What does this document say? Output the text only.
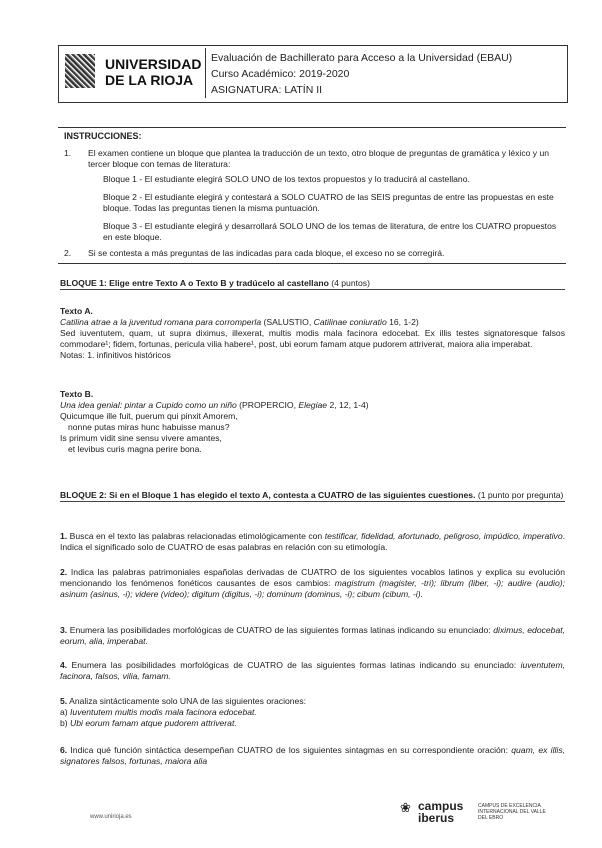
UNIVERSIDAD
DE LA RIOJA
Evaluación de Bachillerato para Acceso a la Universidad (EBAU)
Curso Académico: 2019-2020
ASIGNATURA: LATÍN II
INSTRUCCIONES:
1. El examen contiene un bloque que plantea la traducción de un texto, otro bloque de preguntas de gramática y léxico y un tercer bloque con temas de literatura:
Bloque 1 - El estudiante elegirá SOLO UNO de los textos propuestos y lo traducirá al castellano.
Bloque 2 - El estudiante elegirá y contestará a SOLO CUATRO de las SEIS preguntas de entre las propuestas en este bloque. Todas las preguntas tienen la misma puntuación.
Bloque 3 - El estudiante elegirá y desarrollará SOLO UNO de los temas de literatura, de entre los CUATRO propuestos en este bloque.
2. Si se contesta a más preguntas de las indicadas para cada bloque, el exceso no se corregirá.
BLOQUE 1: Elige entre Texto A o Texto B y tradúcelo al castellano (4 puntos)
Texto A.
Catilina atrae a la juventud romana para corromperla (SALUSTIO, Catilinae coniuratio 16, 1-2)
Sed iuventutem, quam, ut supra diximus, illexerat, multis modis mala facinora edocebat. Ex illis testes signatoresque falsos commodare¹; fidem, fortunas, pericula vilia habere¹, post, ubi eorum famam atque pudorem attriverat, maiora alia imperabat.
Notas: 1. infinitivos históricos
Texto B.
Una idea genial: pintar a Cupido como un niño (PROPERCIO, Elegiae 2, 12, 1-4)
Quicumque ille fuit, puerum qui pinxit Amorem,
nonne putas miras hunc habuisse manus?
Is primum vidit sine sensu vivere amantes,
et levibus curis magna perire bona.
BLOQUE 2: Si en el Bloque 1 has elegido el texto A, contesta a CUATRO de las siguientes cuestiones. (1 punto por pregunta)
1. Busca en el texto las palabras relacionadas etimológicamente con testificar, fidelidad, afortunado, peligroso, impúdico, imperativo. Indica el significado solo de CUATRO de esas palabras en relación con su etimología.
2. Indica las palabras patrimoniales españolas derivadas de CUATRO de los siguientes vocablos latinos y explica su evolución mencionando los fenómenos fonéticos causantes de esos cambios: magistrum (magister, -tri); librum (liber, -i); audire (audio); asinum (asinus, -i); videre (video); digitum (digitus, -i); dominum (dominus, -i); cibum (cibum, -i).
3. Enumera las posibilidades morfológicas de CUATRO de las siguientes formas latinas indicando su enunciado: diximus, edocebat, eorum, alia, imperabat.
4. Enumera las posibilidades morfológicas de CUATRO de las siguientes formas latinas indicando su enunciado: iuventutem, facinora, falsos, vilia, famam.
5. Analiza sintácticamente solo UNA de las siguientes oraciones:
a) Iuventutem multis modis mala facinora edocebat.
b) Ubi eorum famam atque pudorem attriverat.
6. Indica qué función sintáctica desempeñan CUATRO de los siguientes sintagmas en su correspondiente oración: quam, ex illis, signatores falsos, fortunas, maiora alia
www.unirioja.es
❀ campus
iberus
CAMPUS DE EXCELENCIA INTERNACIONAL DEL VALLE DEL EBRO
